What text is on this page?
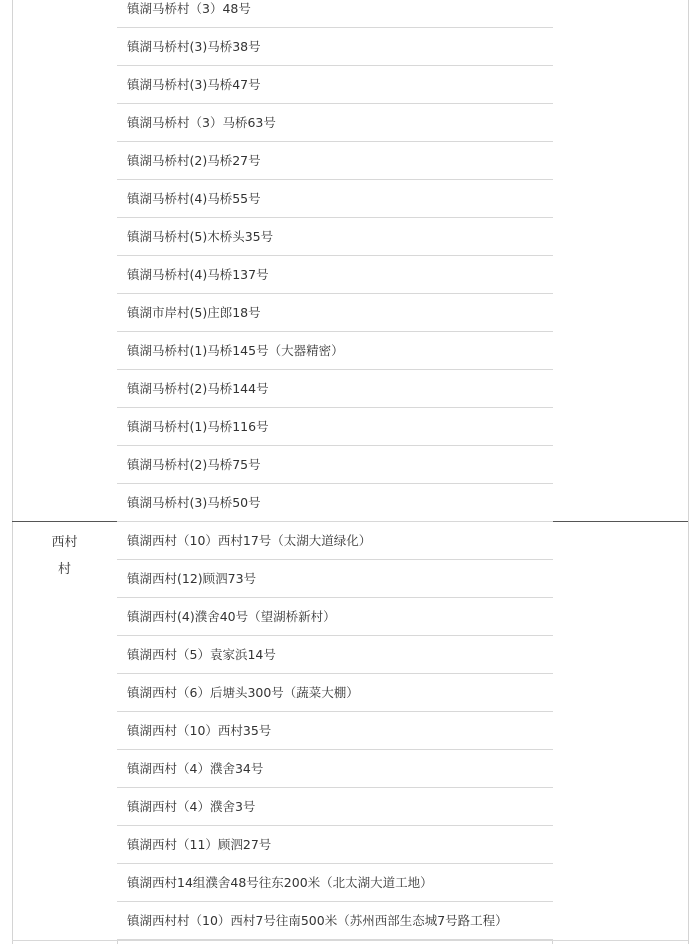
西村
村
镇湖马桥村（3）48号
镇湖马桥村(3)马桥38号
镇湖马桥村(3)马桥47号
镇湖马桥村（3）马桥63号
镇湖马桥村(2)马桥27号
镇湖马桥村(4)马桥55号
镇湖马桥村(5)木桥头35号
镇湖马桥村(4)马桥137号
镇湖市岸村(5)庄郎18号
镇湖马桥村(1)马桥145号（大器精密）
镇湖马桥村(2)马桥144号
镇湖马桥村(1)马桥116号
镇湖马桥村(2)马桥75号
镇湖马桥村(3)马桥50号
镇湖西村（10）西村17号（太湖大道绿化）
镇湖西村(12)顾泗73号
镇湖西村(4)濮舍40号（望湖桥新村）
镇湖西村（5）袁家浜14号
镇湖西村（6）后塘头300号（蔬菜大棚）
镇湖西村（10）西村35号
镇湖西村（4）濮舍34号
镇湖西村（4）濮舍3号
镇湖西村（11）顾泗27号
镇湖西村14组濮舍48号往东200米（北太湖大道工地）
镇湖西村村（10）西村7号往南500米（苏州西部生态城7号路工程）
